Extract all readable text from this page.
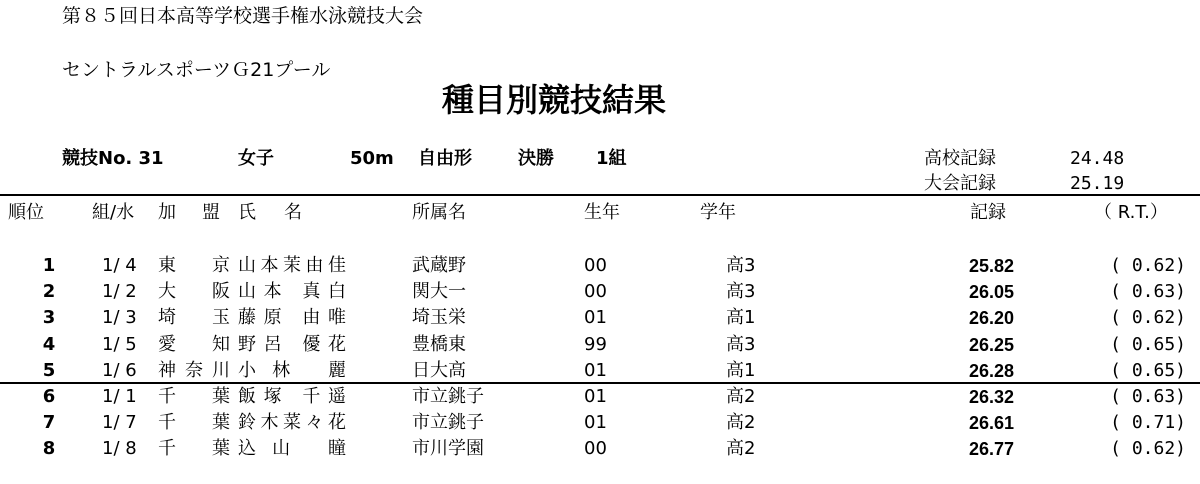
第８５回日本高等学校選手権水泳競技大会
セントラルスポーツＧ21プール
種目別競技結果
競技No. 31	女子	50m 自由形	決勝 1組	高校記録	24.48
大会記録	25.19
順位	組/水 加 盟 氏 名	所属名	生年	学年	記録	（ R.T.）
1	1/ 4 東京 山本茉由佳	武蔵野	00	高3	25.82	( 0.62)
2	1/ 2 大阪 山本 真白	関大一	00	高3	26.05	( 0.63)
3	1/ 3 埼玉 藤原 由唯	埼玉栄	01	高1	26.20	( 0.62)
4	1/ 5 愛知 野呂 優花	豊橋東	99	高3	26.25	( 0.65)
5	1/ 6 神奈川 小林 麗	日大高	01	高1	26.28	( 0.65)
6	1/ 1 千葉 飯塚 千遥	市立銚子	01	高2	26.32	( 0.63)
7	1/ 7 千葉 鈴木菜々花	市立銚子	01	高2	26.61	( 0.71)
8	1/ 8 千葉 込山 瞳	市川学園	00	高2	26.77	( 0.62)
